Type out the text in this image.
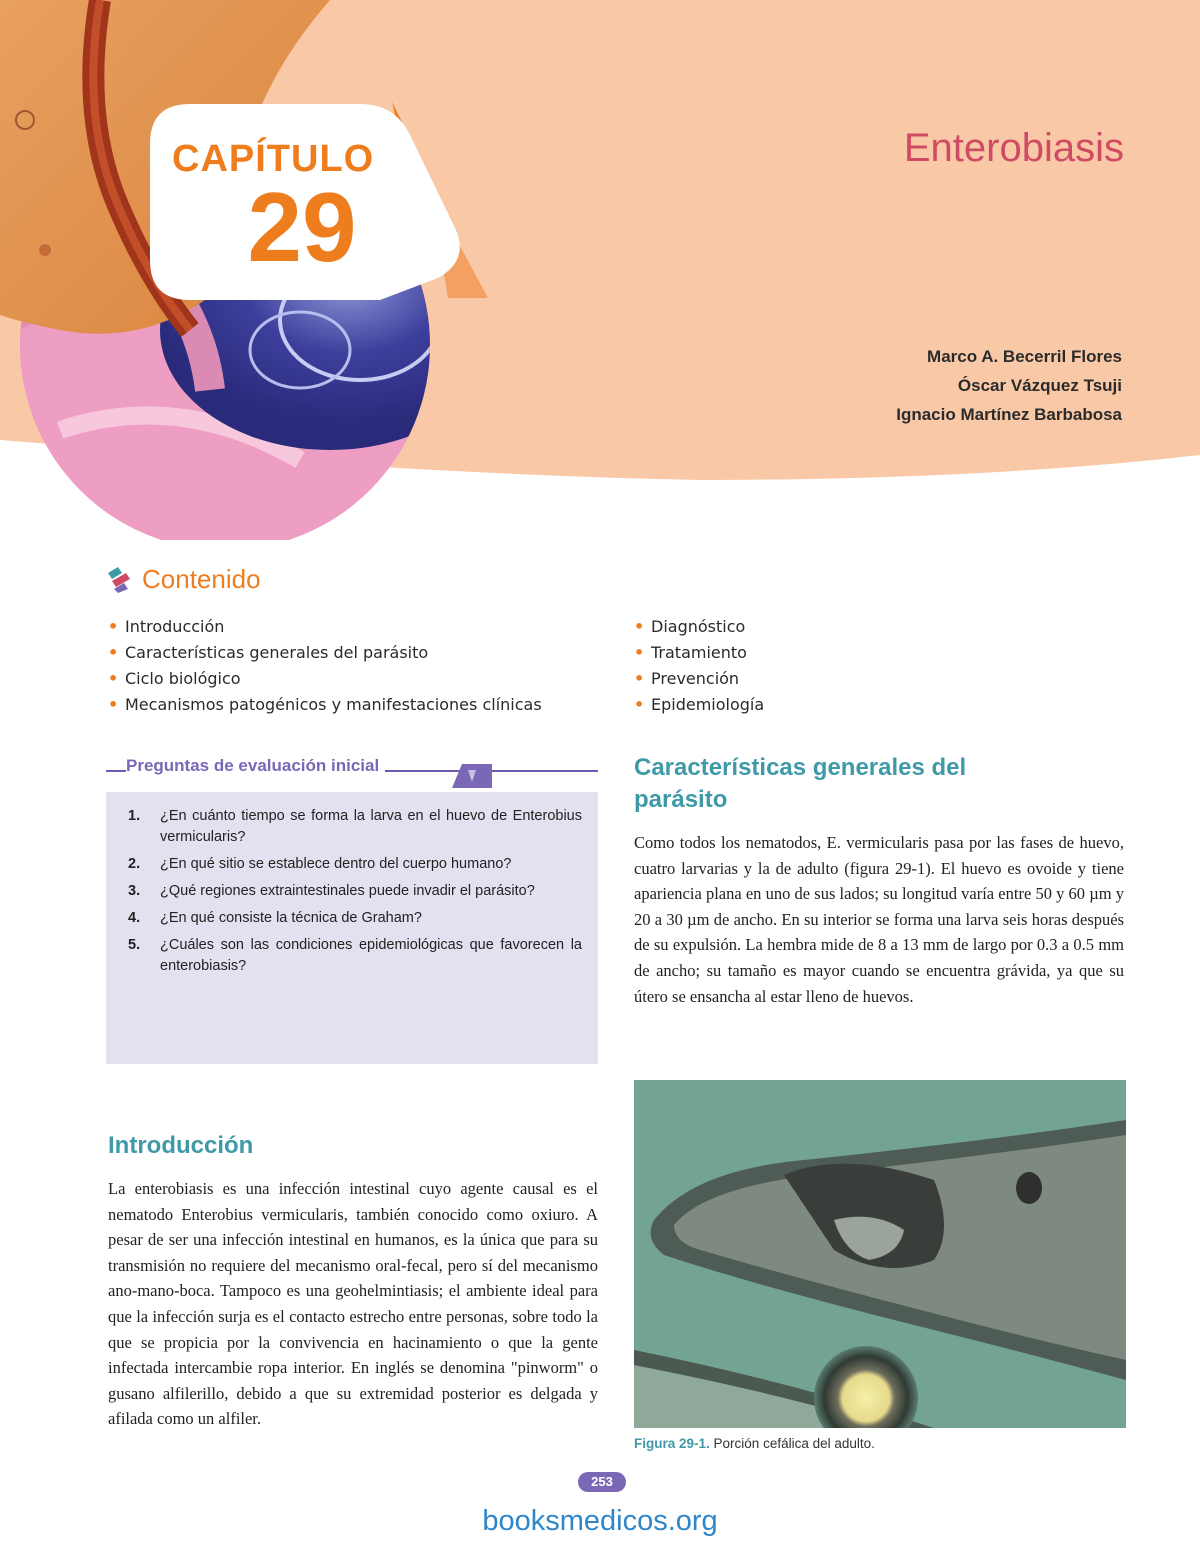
CAPÍTULO
29
Enterobiasis
Marco A. Becerril Flores
Óscar Vázquez Tsuji
Ignacio Martínez Barbabosa
Contenido
• Introducción
• Características generales del parásito
• Ciclo biológico
• Mecanismos patogénicos y manifestaciones clínicas
• Diagnóstico
• Tratamiento
• Prevención
• Epidemiología
Preguntas de evaluación inicial
1. ¿En cuánto tiempo se forma la larva en el huevo de Enterobius vermicularis?
2. ¿En qué sitio se establece dentro del cuerpo humano?
3. ¿Qué regiones extraintestinales puede invadir el parásito?
4. ¿En qué consiste la técnica de Graham?
5. ¿Cuáles son las condiciones epidemiológicas que favorecen la enterobiasis?
Introducción

La enterobiasis es una infección intestinal cuyo agente causal es el nematodo Enterobius vermicularis, también conocido como oxiuro. A pesar de ser una infección intestinal en humanos, es la única que para su transmisión no requiere del mecanismo oral-fecal, pero sí del mecanismo ano-mano-boca. Tampoco es una geohelmintiasis; el ambiente ideal para que la infección surja es el contacto estrecho entre personas, sobre todo la que se propicia por la convivencia en hacinamiento o que la gente infectada intercambie ropa interior. En inglés se denomina "pinworm" o gusano alfilerillo, debido a que su extremidad posterior es delgada y afilada como un alfiler.

Características generales del parásito

Como todos los nematodos, E. vermicularis pasa por las fases de huevo, cuatro larvarias y la de adulto (figura 29-1). El huevo es ovoide y tiene apariencia plana en uno de sus lados; su longitud varía entre 50 y 60 µm y 20 a 30 µm de ancho. En su interior se forma una larva seis horas después de su expulsión. La hembra mide de 8 a 13 mm de largo por 0.3 a 0.5 mm de ancho; su tamaño es mayor cuando se encuentra grávida, ya que su útero se ensancha al estar lleno de huevos.

Figura 29-1. Porción cefálica del adulto.
253
booksmedicos.org
